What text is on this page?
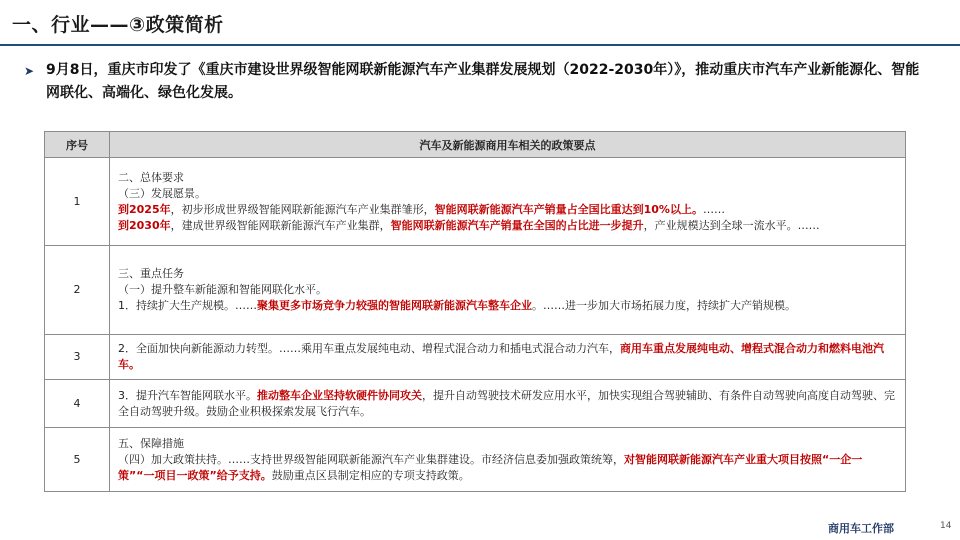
一、行业——③政策简析
➤ 9月8日，重庆市印发了《重庆市建设世界级智能网联新能源汽车产业集群发展规划（2022-2030年）》，推动重庆市汽车产业新能源化、智能网联化、高端化、绿色化发展。
序号	汽车及新能源商用车相关的政策要点
1	二、总体要求
（三）发展愿景。
到2025年，初步形成世界级智能网联新能源汽车产业集群雏形，智能网联新能源汽车产销量占全国比重达到10%以上。……
到2030年，建成世界级智能网联新能源汽车产业集群，智能网联新能源汽车产销量在全国的占比进一步提升，产业规模达到全球一流水平。……

2	三、重点任务
（一）提升整车新能源和智能网联化水平。
1．持续扩大生产规模。……聚集更多市场竞争力较强的智能网联新能源汽车整车企业。……进一步加大市场拓展力度，持续扩大产销规模。

3	2．全面加快向新能源动力转型。……乘用车重点发展纯电动、增程式混合动力和插电式混合动力汽车，商用车重点发展纯电动、增程式混合动力和燃料电池汽车。

4	3．提升汽车智能网联水平。推动整车企业坚持软硬件协同攻关，提升自动驾驶技术研发应用水平，加快实现组合驾驶辅助、有条件自动驾驶向高度自动驾驶、完全自动驾驶升级。鼓励企业积极探索发展飞行汽车。

5	五、保障措施
（四）加大政策扶持。……支持世界级智能网联新能源汽车产业集群建设。市经济信息委加强政策统筹，对智能网联新能源汽车产业重大项目按照“一企一策”“一项目一政策”给予支持。鼓励重点区县制定相应的专项支持政策。
商用车工作部	14
